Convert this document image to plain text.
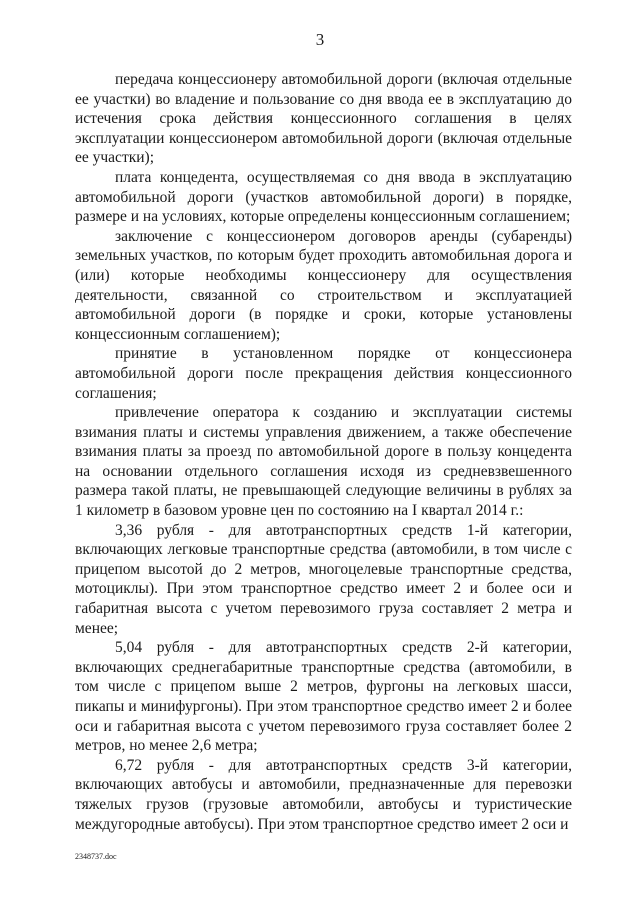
3

передача концессионеру автомобильной дороги (включая отдельные ее участки) во владение и пользование со дня ввода ее в эксплуатацию до истечения срока действия концессионного соглашения в целях эксплуатации концессионером автомобильной дороги (включая отдельные ее участки);

плата концедента, осуществляемая со дня ввода в эксплуатацию автомобильной дороги (участков автомобильной дороги) в порядке, размере и на условиях, которые определены концессионным соглашением;

заключение с концессионером договоров аренды (субаренды) земельных участков, по которым будет проходить автомобильная дорога и (или) которые необходимы концессионеру для осуществления деятельности, связанной со строительством и эксплуатацией автомобильной дороги (в порядке и сроки, которые установлены концессионным соглашением);

принятие в установленном порядке от концессионера автомобильной дороги после прекращения действия концессионного соглашения;

привлечение оператора к созданию и эксплуатации системы взимания платы и системы управления движением, а также обеспечение взимания платы за проезд по автомобильной дороге в пользу концедента на основании отдельного соглашения исходя из средневзвешенного размера такой платы, не превышающей следующие величины в рублях за 1 километр в базовом уровне цен по состоянию на I квартал 2014 г.:

3,36 рубля - для автотранспортных средств 1-й категории, включающих легковые транспортные средства (автомобили, в том числе с прицепом высотой до 2 метров, многоцелевые транспортные средства, мотоциклы). При этом транспортное средство имеет 2 и более оси и габаритная высота с учетом перевозимого груза составляет 2 метра и менее;

5,04 рубля - для автотранспортных средств 2-й категории, включающих среднегабаритные транспортные средства (автомобили, в том числе с прицепом выше 2 метров, фургоны на легковых шасси, пикапы и минифургоны). При этом транспортное средство имеет 2 и более оси и габаритная высота с учетом перевозимого груза составляет более 2 метров, но менее 2,6 метра;

6,72 рубля - для автотранспортных средств 3-й категории, включающих автобусы и автомобили, предназначенные для перевозки тяжелых грузов (грузовые автомобили, автобусы и туристические междугородные автобусы). При этом транспортное средство имеет 2 оси и

2348737.doc
